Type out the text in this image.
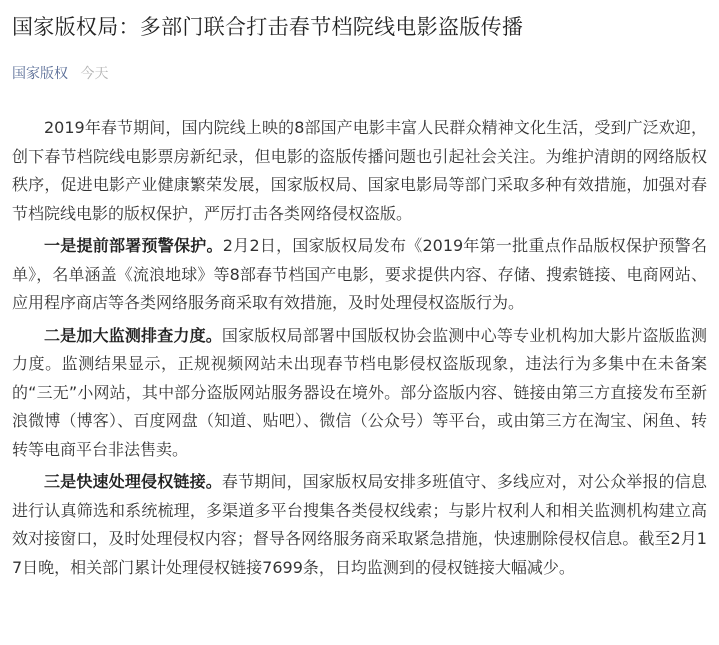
国家版权局：多部门联合打击春节档院线电影盗版传播
国家版权 今天

2019年春节期间，国内院线上映的8部国产电影丰富人民群众精神文化生活，受到广泛欢迎，创下春节档院线电影票房新纪录，但电影的盗版传播问题也引起社会关注。为维护清朗的网络版权秩序，促进电影产业健康繁荣发展，国家版权局、国家电影局等部门采取多种有效措施，加强对春节档院线电影的版权保护，严厉打击各类网络侵权盗版。

一是提前部署预警保护。2月2日，国家版权局发布《2019年第一批重点作品版权保护预警名单》，名单涵盖《流浪地球》等8部春节档国产电影，要求提供内容、存储、搜索链接、电商网站、应用程序商店等各类网络服务商采取有效措施，及时处理侵权盗版行为。

二是加大监测排查力度。国家版权局部署中国版权协会监测中心等专业机构加大影片盗版监测力度。监测结果显示，正规视频网站未出现春节档电影侵权盗版现象，违法行为多集中在未备案的“三无”小网站，其中部分盗版网站服务器设在境外。部分盗版内容、链接由第三方直接发布至新浪微博（博客）、百度网盘（知道、贴吧）、微信（公众号）等平台，或由第三方在淘宝、闲鱼、转转等电商平台非法售卖。

三是快速处理侵权链接。春节期间，国家版权局安排多班值守、多线应对，对公众举报的信息进行认真筛选和系统梳理，多渠道多平台搜集各类侵权线索；与影片权利人和相关监测机构建立高效对接窗口，及时处理侵权内容；督导各网络服务商采取紧急措施，快速删除侵权信息。截至2月17日晚，相关部门累计处理侵权链接7699条，日均监测到的侵权链接大幅减少。
